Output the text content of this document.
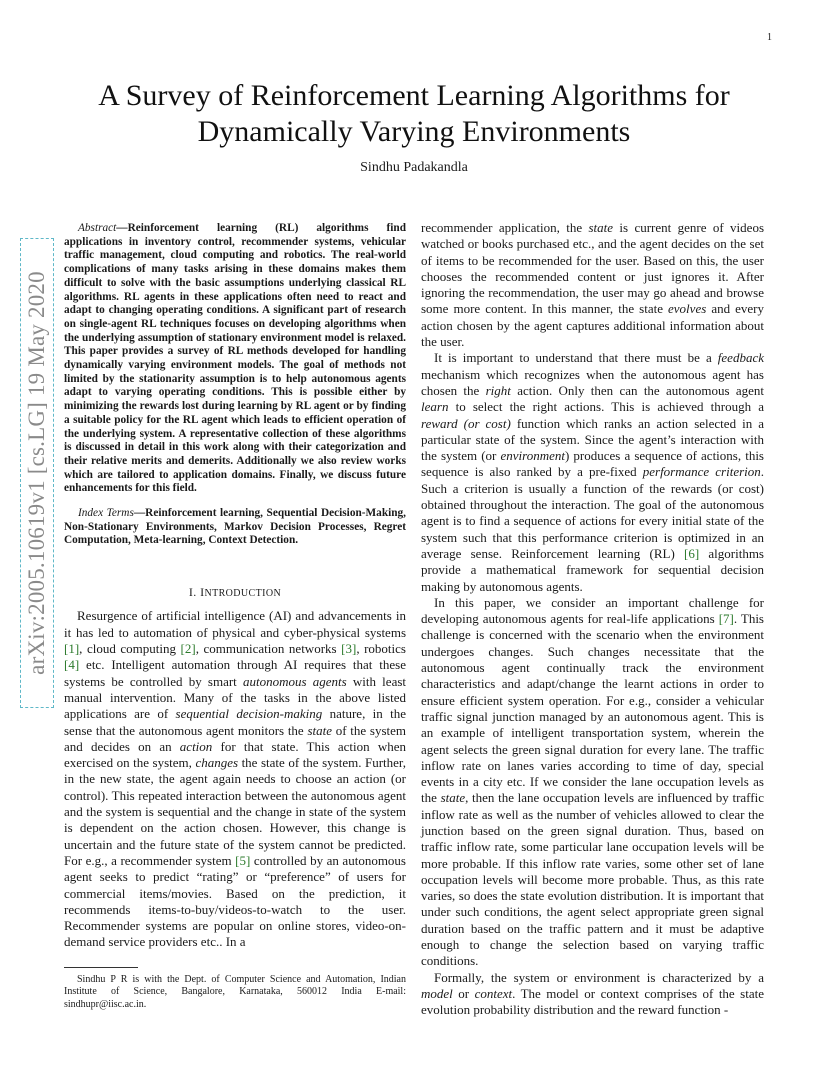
1
arXiv:2005.10619v1 [cs.LG] 19 May 2020
A Survey of Reinforcement Learning Algorithms for Dynamically Varying Environments
Sindhu Padakandla

Abstract—Reinforcement learning (RL) algorithms find applications in inventory control, recommender systems, vehicular traffic management, cloud computing and robotics. The real-world complications of many tasks arising in these domains makes them difficult to solve with the basic assumptions underlying classical RL algorithms. RL agents in these applications often need to react and adapt to changing operating conditions. A significant part of research on single-agent RL techniques focuses on developing algorithms when the underlying assumption of stationary environment model is relaxed. This paper provides a survey of RL methods developed for handling dynamically varying environment models. The goal of methods not limited by the stationarity assumption is to help autonomous agents adapt to varying operating conditions. This is possible either by minimizing the rewards lost during learning by RL agent or by finding a suitable policy for the RL agent which leads to efficient operation of the underlying system. A representative collection of these algorithms is discussed in detail in this work along with their categorization and their relative merits and demerits. Additionally we also review works which are tailored to application domains. Finally, we discuss future enhancements for this field.

Index Terms—Reinforcement learning, Sequential Decision-Making, Non-Stationary Environments, Markov Decision Processes, Regret Computation, Meta-learning, Context Detection.

I. INTRODUCTION

Resurgence of artificial intelligence (AI) and advancements in it has led to automation of physical and cyber-physical systems [1], cloud computing [2], communication networks [3], robotics [4] etc. Intelligent automation through AI requires that these systems be controlled by smart autonomous agents with least manual intervention. Many of the tasks in the above listed applications are of sequential decision-making nature, in the sense that the autonomous agent monitors the state of the system and decides on an action for that state. This action when exercised on the system, changes the state of the system. Further, in the new state, the agent again needs to choose an action (or control). This repeated interaction between the autonomous agent and the system is sequential and the change in state of the system is dependent on the action chosen. However, this change is uncertain and the future state of the system cannot be predicted. For e.g., a recommender system [5] controlled by an autonomous agent seeks to predict “rating” or “preference” of users for commercial items/movies. Based on the prediction, it recommends items-to-buy/videos-to-watch to the user. Recommender systems are popular on online stores, video-on-demand service providers etc.. In a

Sindhu P R is with the Dept. of Computer Science and Automation, Indian Institute of Science, Bangalore, Karnataka, 560012 India E-mail: sindhupr@iisc.ac.in.

recommender application, the state is current genre of videos watched or books purchased etc., and the agent decides on the set of items to be recommended for the user. Based on this, the user chooses the recommended content or just ignores it. After ignoring the recommendation, the user may go ahead and browse some more content. In this manner, the state evolves and every action chosen by the agent captures additional information about the user.

It is important to understand that there must be a feedback mechanism which recognizes when the autonomous agent has chosen the right action. Only then can the autonomous agent learn to select the right actions. This is achieved through a reward (or cost) function which ranks an action selected in a particular state of the system. Since the agent’s interaction with the system (or environment) produces a sequence of actions, this sequence is also ranked by a pre-fixed performance criterion. Such a criterion is usually a function of the rewards (or cost) obtained throughout the interaction. The goal of the autonomous agent is to find a sequence of actions for every initial state of the system such that this performance criterion is optimized in an average sense. Reinforcement learning (RL) [6] algorithms provide a mathematical framework for sequential decision making by autonomous agents.

In this paper, we consider an important challenge for developing autonomous agents for real-life applications [7]. This challenge is concerned with the scenario when the environment undergoes changes. Such changes necessitate that the autonomous agent continually track the environment characteristics and adapt/change the learnt actions in order to ensure efficient system operation. For e.g., consider a vehicular traffic signal junction managed by an autonomous agent. This is an example of intelligent transportation system, wherein the agent selects the green signal duration for every lane. The traffic inflow rate on lanes varies according to time of day, special events in a city etc. If we consider the lane occupation levels as the state, then the lane occupation levels are influenced by traffic inflow rate as well as the number of vehicles allowed to clear the junction based on the green signal duration. Thus, based on traffic inflow rate, some particular lane occupation levels will be more probable. If this inflow rate varies, some other set of lane occupation levels will become more probable. Thus, as this rate varies, so does the state evolution distribution. It is important that under such conditions, the agent select appropriate green signal duration based on the traffic pattern and it must be adaptive enough to change the selection based on varying traffic conditions.

Formally, the system or environment is characterized by a model or context. The model or context comprises of the state evolution probability distribution and the reward function -
